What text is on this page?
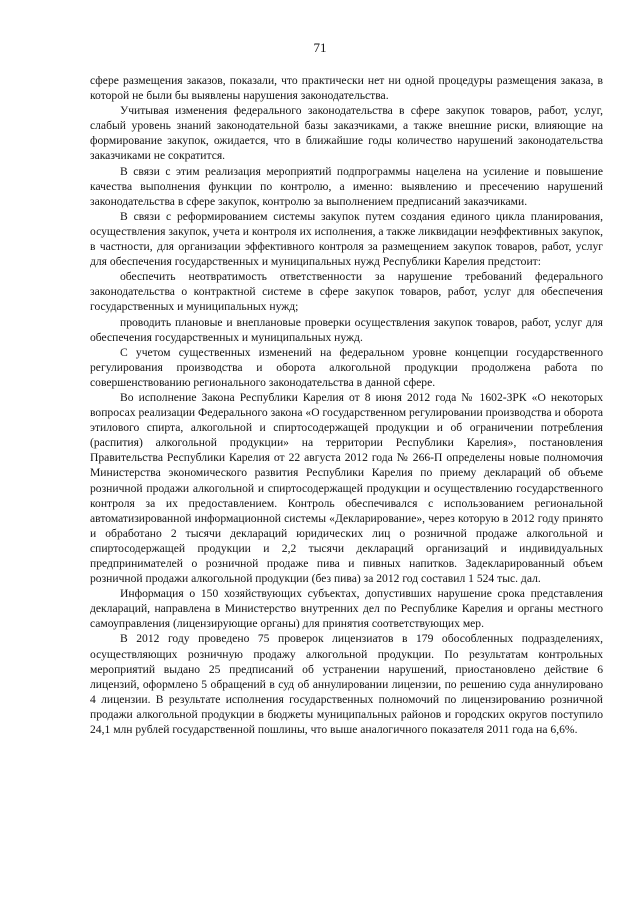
71

сфере размещения заказов, показали, что практически нет ни одной процедуры размещения заказа, в которой не были бы выявлены нарушения законодательства.

Учитывая изменения федерального законодательства в сфере закупок товаров, работ, услуг, слабый уровень знаний законодательной базы заказчиками, а также внешние риски, влияющие на формирование закупок, ожидается, что в ближайшие годы количество нарушений законодательства заказчиками не сократится.

В связи с этим реализация мероприятий подпрограммы нацелена на усиление и повышение качества выполнения функции по контролю, а именно: выявлению и пресечению нарушений законодательства в сфере закупок, контролю за выполнением предписаний заказчиками.

В связи с реформированием системы закупок путем создания единого цикла планирования, осуществления закупок, учета и контроля их исполнения, а также ликвидации неэффективных закупок, в частности, для организации эффективного контроля за размещением закупок товаров, работ, услуг для обеспечения государственных и муниципальных нужд Республики Карелия предстоит:

обеспечить неотвратимость ответственности за нарушение требований федерального законодательства о контрактной системе в сфере закупок товаров, работ, услуг для обеспечения государственных и муниципальных нужд;

проводить плановые и внеплановые проверки осуществления закупок товаров, работ, услуг для обеспечения государственных и муниципальных нужд.

С учетом существенных изменений на федеральном уровне концепции государственного регулирования производства и оборота алкогольной продукции продолжена работа по совершенствованию регионального законодательства в данной сфере.

Во исполнение Закона Республики Карелия от 8 июня 2012 года № 1602-ЗРК «О некоторых вопросах реализации Федерального закона «О государственном регулировании производства и оборота этилового спирта, алкогольной и спиртосодержащей продукции и об ограничении потребления (распития) алкогольной продукции» на территории Республики Карелия», постановления Правительства Республики Карелия от 22 августа 2012 года № 266-П определены новые полномочия Министерства экономического развития Республики Карелия по приему деклараций об объеме розничной продажи алкогольной и спиртосодержащей продукции и осуществлению государственного контроля за их предоставлением. Контроль обеспечивался с использованием региональной автоматизированной информационной системы «Декларирование», через которую в 2012 году принято и обработано 2 тысячи деклараций юридических лиц о розничной продаже алкогольной и спиртосодержащей продукции и 2,2 тысячи деклараций организаций и индивидуальных предпринимателей о розничной продаже пива и пивных напитков. Задекларированный объем розничной продажи алкогольной продукции (без пива) за 2012 год составил 1 524 тыс. дал.

Информация о 150 хозяйствующих субъектах, допустивших нарушение срока представления деклараций, направлена в Министерство внутренних дел по Республике Карелия и органы местного самоуправления (лицензирующие органы) для принятия соответствующих мер.

В 2012 году проведено 75 проверок лицензиатов в 179 обособленных подразделениях, осуществляющих розничную продажу алкогольной продукции. По результатам контрольных мероприятий выдано 25 предписаний об устранении нарушений, приостановлено действие 6 лицензий, оформлено 5 обращений в суд об аннулировании лицензии, по решению суда аннулировано 4 лицензии. В результате исполнения государственных полномочий по лицензированию розничной продажи алкогольной продукции в бюджеты муниципальных районов и городских округов поступило 24,1 млн рублей государственной пошлины, что выше аналогичного показателя 2011 года на 6,6%.
